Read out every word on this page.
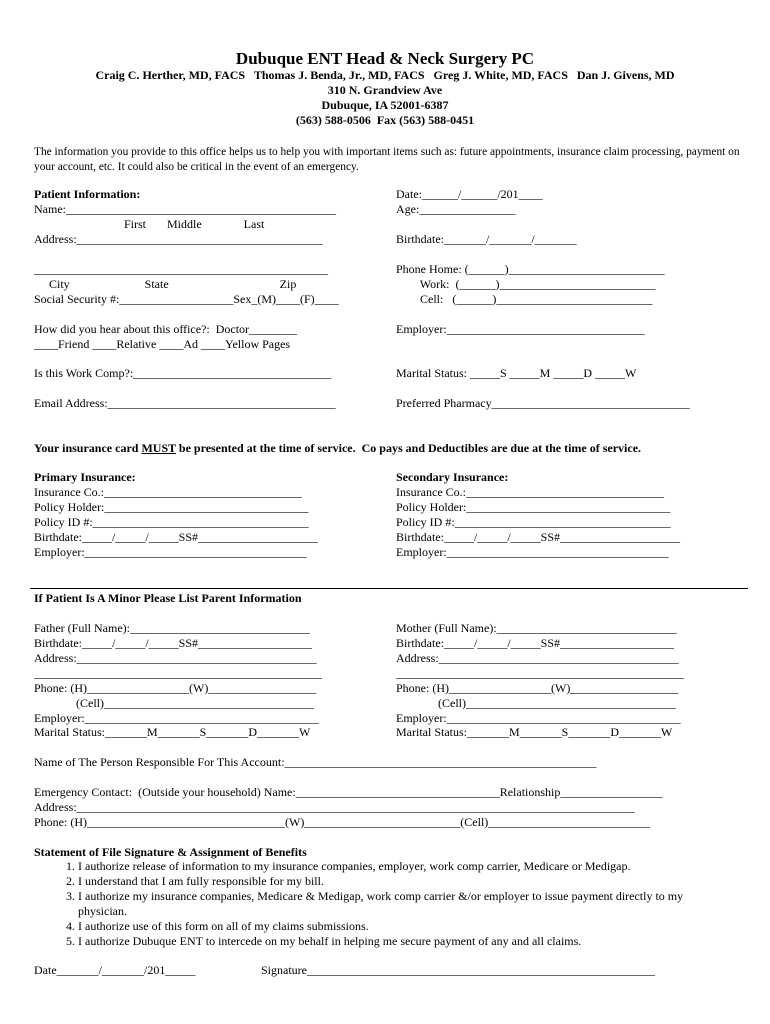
Dubuque ENT Head & Neck Surgery PC
Craig C. Herther, MD, FACS   Thomas J. Benda, Jr., MD, FACS   Greg J. White, MD, FACS   Dan J. Givens, MD
310 N. Grandview Ave
Dubuque, IA 52001-6387
(563) 588-0506  Fax (563) 588-0451
The information you provide to this office helps us to help you with important items such as: future appointments, insurance claim processing, payment on your account, etc. It could also be critical in the event of an emergency.
Patient Information:
Name:_____________________________________________
First       Middle              Last
Address:_________________________________________
_________________________________________________
City                         State                                     Zip
Social Security #:___________________Sex_(M)____(F)____
How did you hear about this office?:  Doctor________
____Friend ____Relative ____Ad ____Yellow Pages
Is this Work Comp?:_________________________________
Email Address:______________________________________
Date:______/______/201____
Age:________________
Birthdate:_______/_______/_______
Phone Home: (______)__________________________
Work:  (______)__________________________
Cell:   (______)__________________________
Employer:_________________________________
Marital Status: _____S _____M _____D _____W
Preferred Pharmacy_________________________________
Your insurance card MUST be presented at the time of service.  Co pays and Deductibles are due at the time of service.
Primary Insurance:
Insurance Co.:_________________________________
Policy Holder:__________________________________
Policy ID #:____________________________________
Birthdate:_____/_____/_____SS#____________________
Employer:_____________________________________
Secondary Insurance:
Insurance Co.:_________________________________
Policy Holder:__________________________________
Policy ID #:____________________________________
Birthdate:_____/_____/_____SS#____________________
Employer:_____________________________________
If Patient Is A Minor Please List Parent Information
Father (Full Name):______________________________
Birthdate:_____/_____/_____SS#___________________
Address:________________________________________
________________________________________________
Phone: (H)_________________(W)__________________
(Cell)___________________________________
Employer:_______________________________________
Marital Status:_______M_______S_______D_______W
Mother (Full Name):______________________________
Birthdate:_____/_____/_____SS#___________________
Address:________________________________________
________________________________________________
Phone: (H)_________________(W)__________________
(Cell)___________________________________
Employer:_______________________________________
Marital Status:_______M_______S_______D_______W
Name of The Person Responsible For This Account:____________________________________________________
Emergency Contact:  (Outside your household) Name:__________________________________Relationship_________________
Address:_____________________________________________________________________________________________
Phone: (H)_________________________________(W)__________________________(Cell)___________________________
Statement of File Signature & Assignment of Benefits
1. I authorize release of information to my insurance companies, employer, work comp carrier, Medicare or Medigap.
2. I understand that I am fully responsible for my bill.
3. I authorize my insurance companies, Medicare & Medigap, work comp carrier &/or employer to issue payment directly to my physician.
4. I authorize use of this form on all of my claims submissions.
5. I authorize Dubuque ENT to intercede on my behalf in helping me secure payment of any and all claims.
Date_______/_______/201_____	Signature__________________________________________________________
